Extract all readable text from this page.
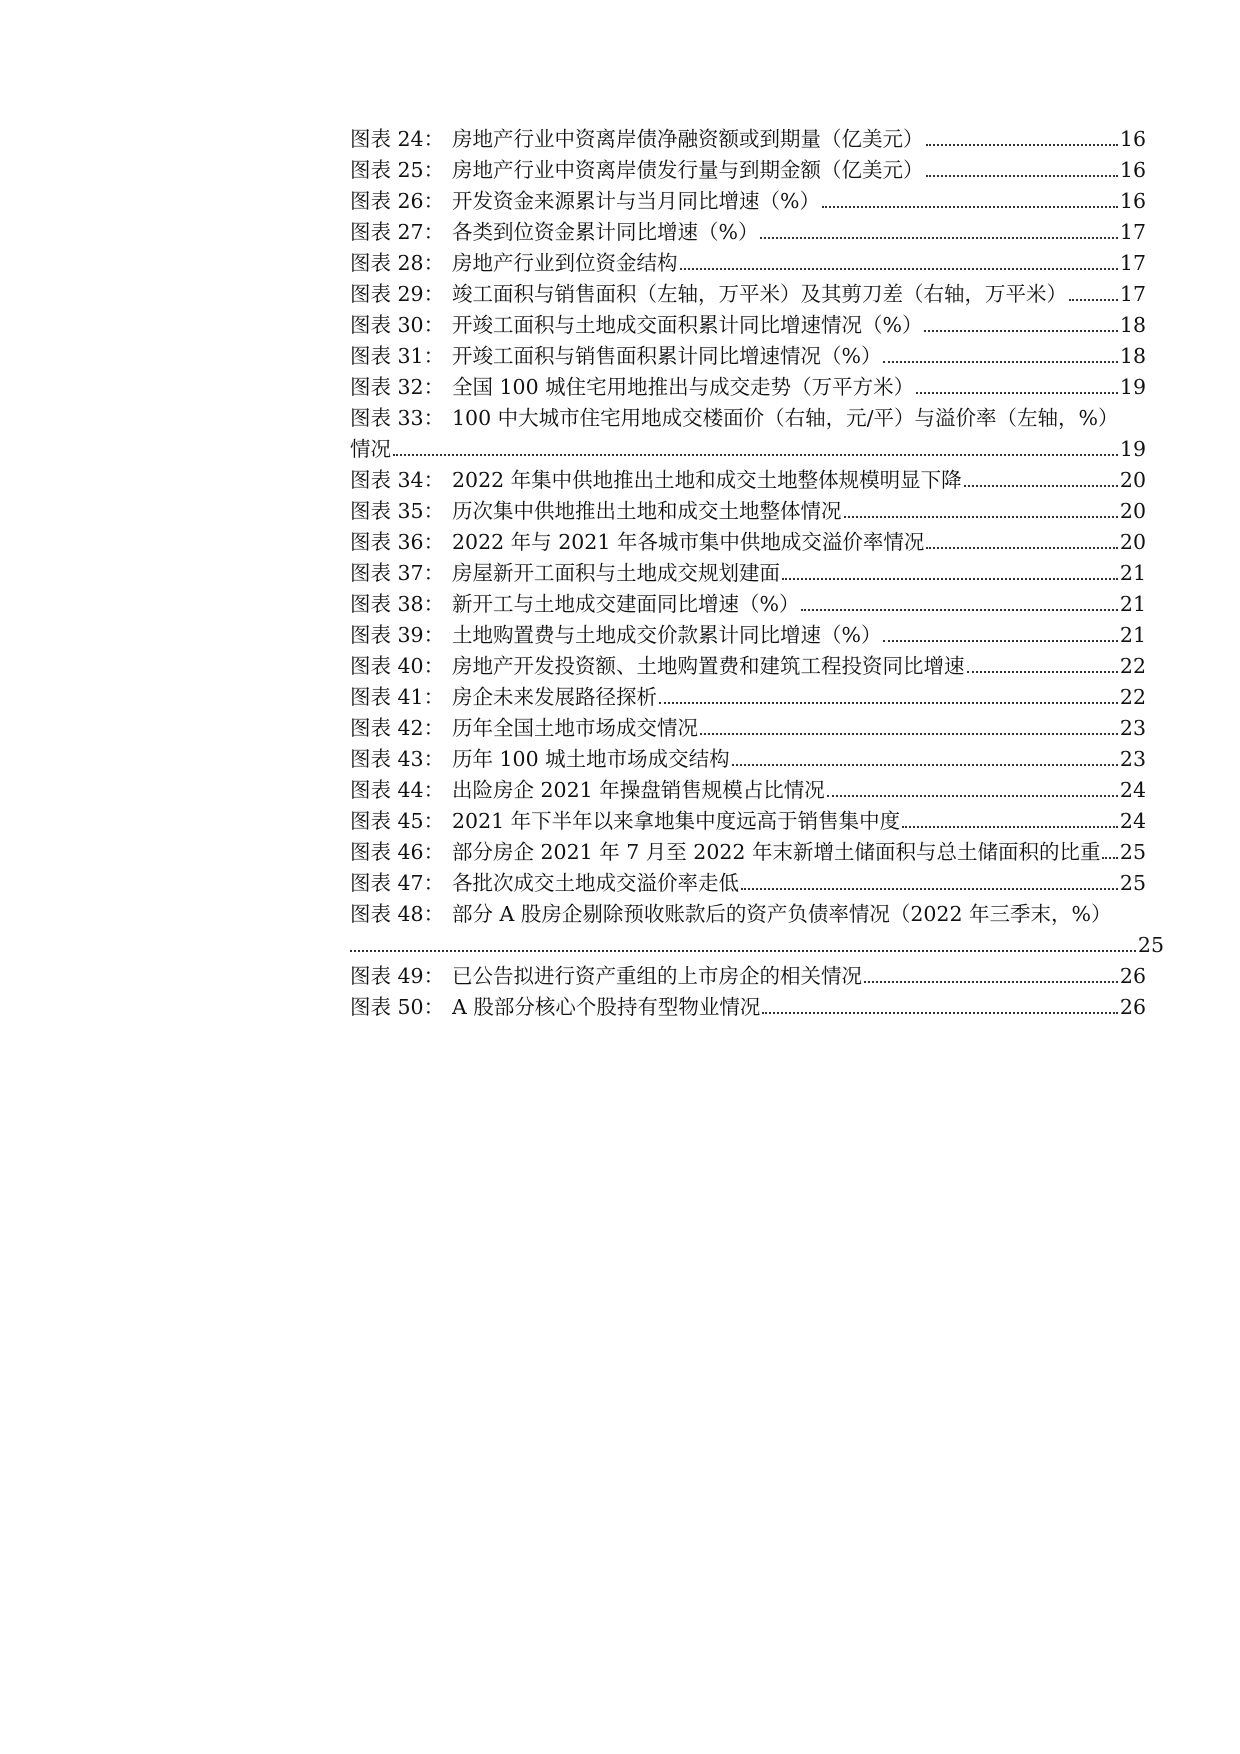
图表 24： 房地产行业中资离岸债净融资额或到期量（亿美元）	16
图表 25： 房地产行业中资离岸债发行量与到期金额（亿美元）	16
图表 26： 开发资金来源累计与当月同比增速（%）	16
图表 27： 各类到位资金累计同比增速（%）	17
图表 28： 房地产行业到位资金结构	17
图表 29： 竣工面积与销售面积（左轴，万平米）及其剪刀差（右轴，万平米）	17
图表 30： 开竣工面积与土地成交面积累计同比增速情况（%）	18
图表 31： 开竣工面积与销售面积累计同比增速情况（%）	18
图表 32： 全国 100 城住宅用地推出与成交走势（万平方米）	19
图表 33： 100 中大城市住宅用地成交楼面价（右轴，元/平）与溢价率（左轴，%）
情况	19
图表 34： 2022 年集中供地推出土地和成交土地整体规模明显下降	20
图表 35： 历次集中供地推出土地和成交土地整体情况	20
图表 36： 2022 年与 2021 年各城市集中供地成交溢价率情况	20
图表 37： 房屋新开工面积与土地成交规划建面	21
图表 38： 新开工与土地成交建面同比增速（%）	21
图表 39： 土地购置费与土地成交价款累计同比增速（%）	21
图表 40： 房地产开发投资额、土地购置费和建筑工程投资同比增速	22
图表 41： 房企未来发展路径探析	22
图表 42： 历年全国土地市场成交情况	23
图表 43： 历年 100 城土地市场成交结构	23
图表 44： 出险房企 2021 年操盘销售规模占比情况	24
图表 45： 2021 年下半年以来拿地集中度远高于销售集中度	24
图表 46： 部分房企 2021 年 7 月至 2022 年末新增土储面积与总土储面积的比重 25
图表 47： 各批次成交土地成交溢价率走低	25
图表 48： 部分 A 股房企剔除预收账款后的资产负债率情况（2022 年三季末，%）
25
图表 49： 已公告拟进行资产重组的上市房企的相关情况	26
图表 50： A 股部分核心个股持有型物业情况	26
